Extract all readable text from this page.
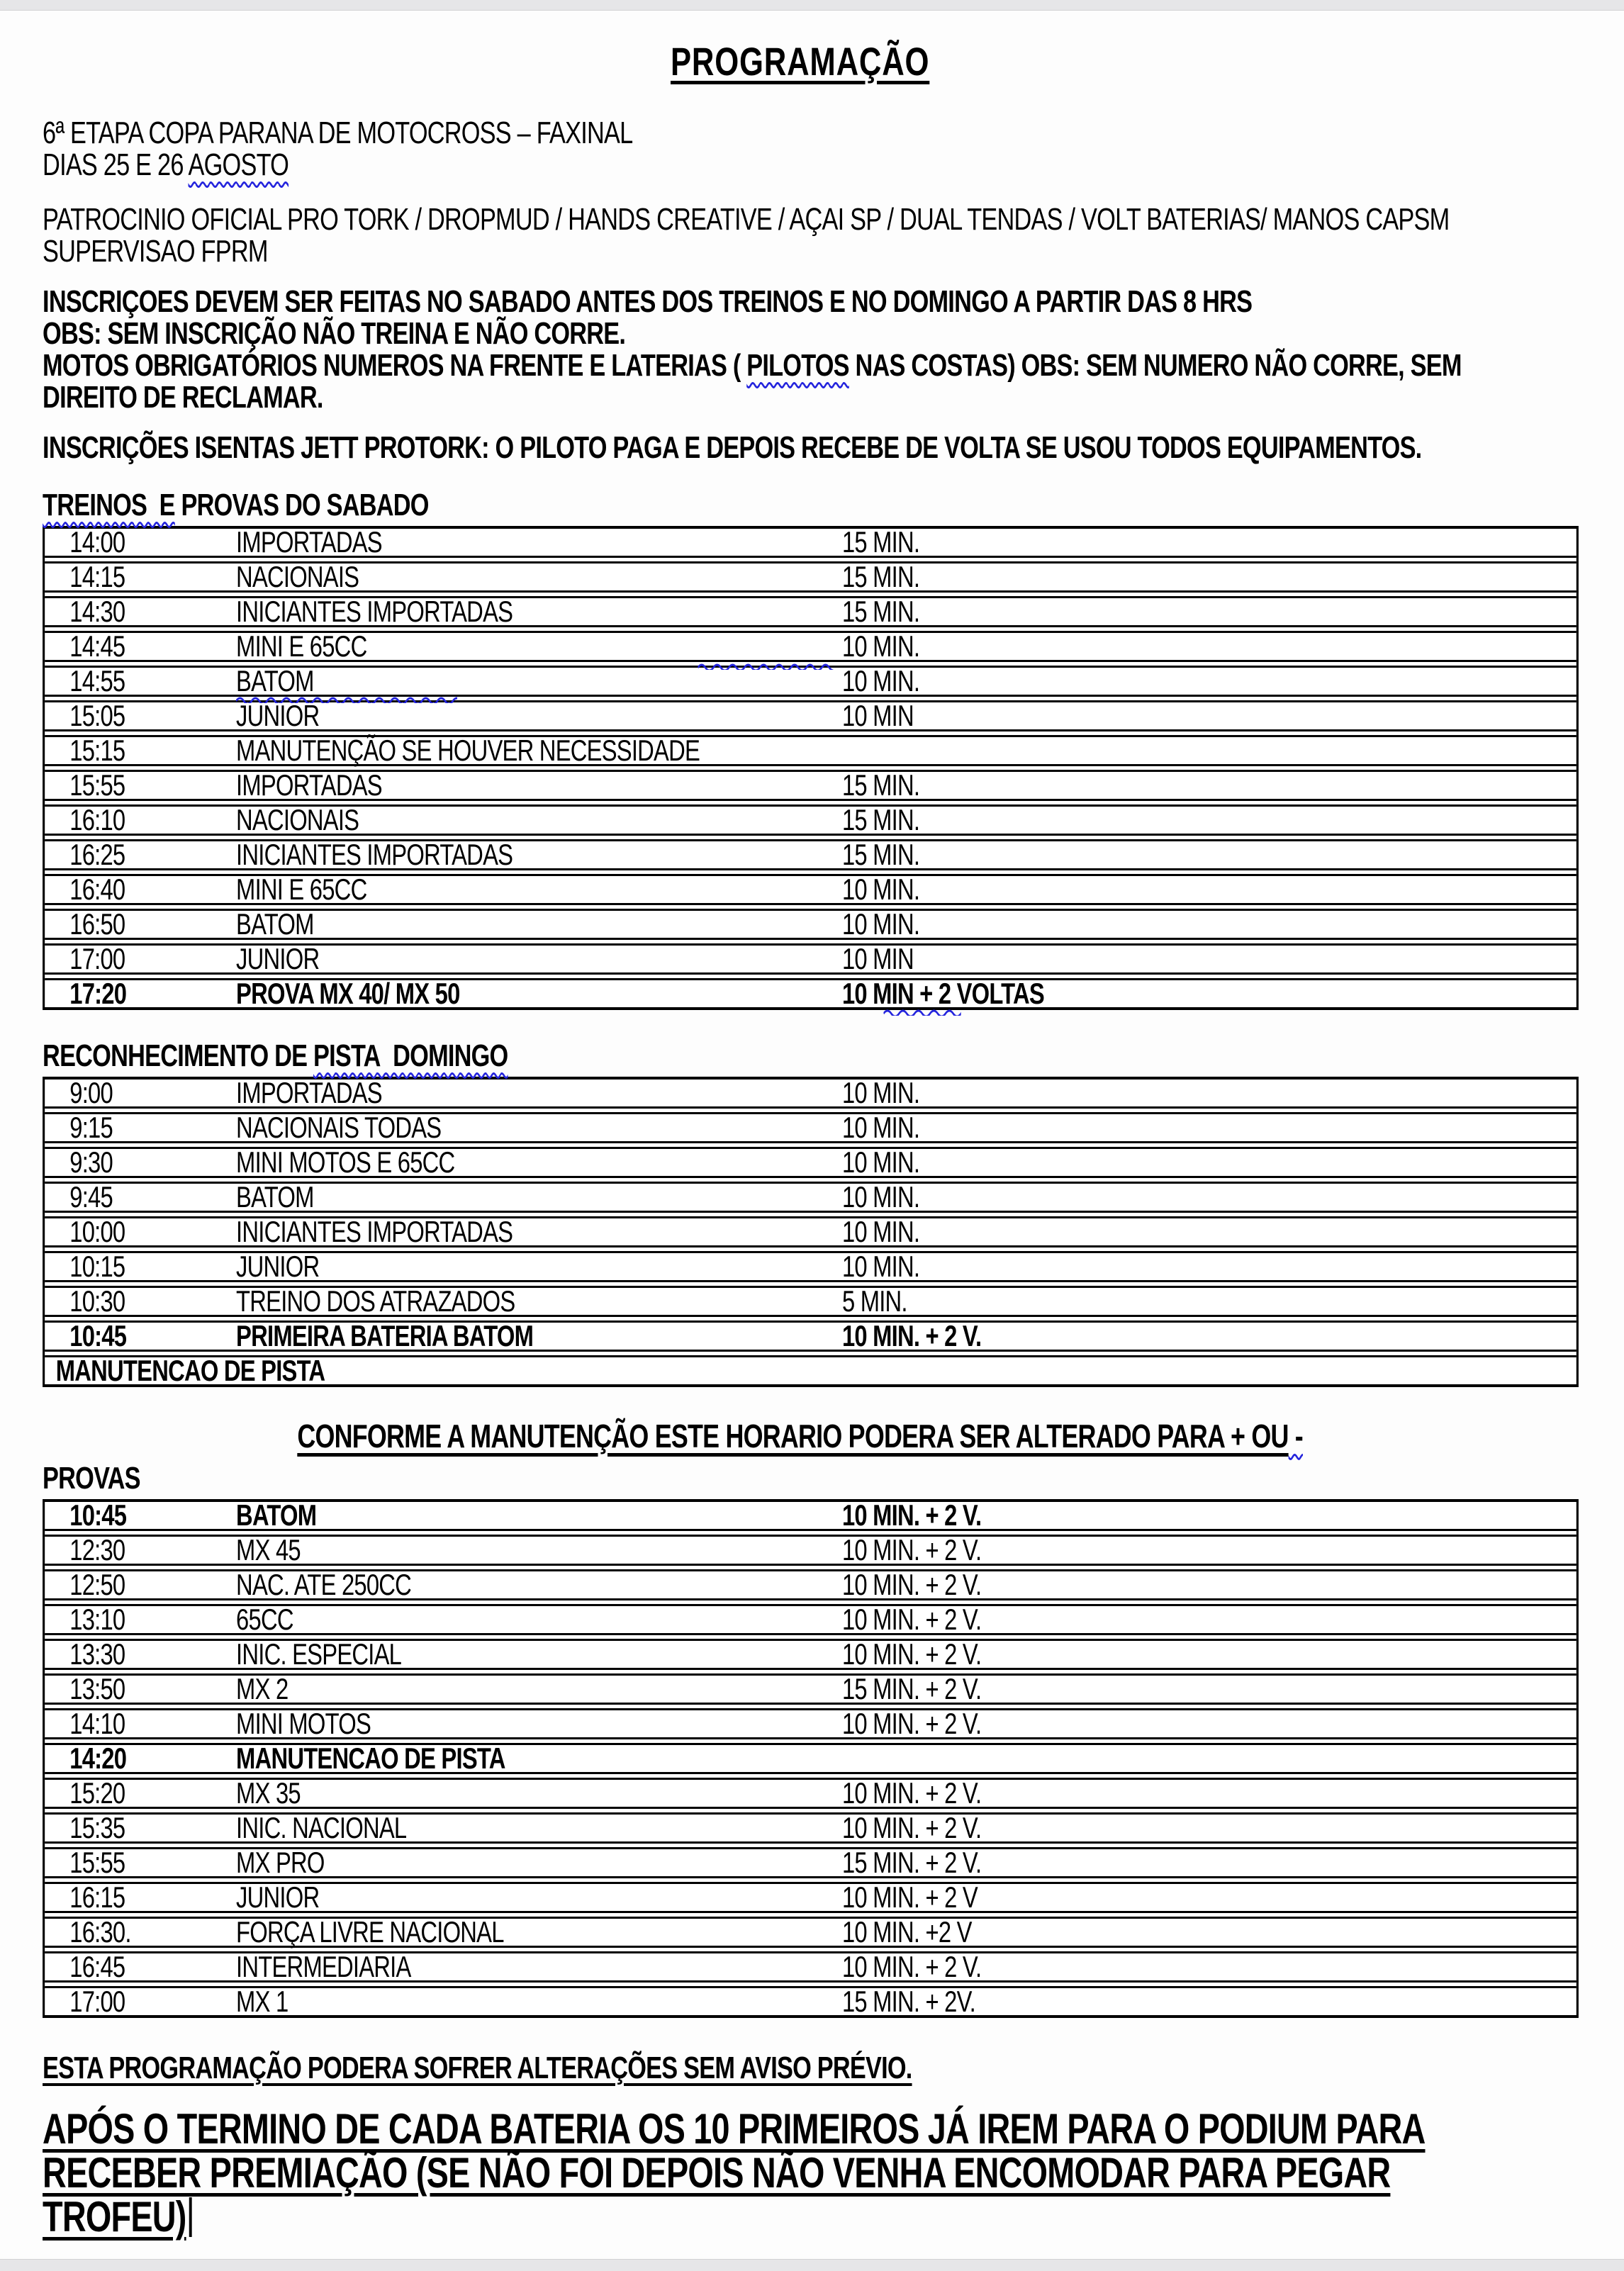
PROGRAMAÇÃO
6ª ETAPA COPA PARANA DE MOTOCROSS – FAXINAL
DIAS 25 E 26 AGOSTO
PATROCINIO OFICIAL PRO TORK / DROPMUD / HANDS CREATIVE / AÇAI SP / DUAL TENDAS / VOLT BATERIAS/ MANOS CAPSM
SUPERVISAO FPRM
INSCRIÇOES DEVEM SER FEITAS NO SABADO ANTES DOS TREINOS E NO DOMINGO A PARTIR DAS 8 HRS
OBS: SEM INSCRIÇÃO NÃO TREINA E NÃO CORRE.
MOTOS OBRIGATÓRIOS NUMEROS NA FRENTE E LATERIAS ( PILOTOS NAS COSTAS) OBS: SEM NUMERO NÃO CORRE, SEM
DIREITO DE RECLAMAR.
INSCRIÇÕES ISENTAS JETT PROTORK: O PILOTO PAGA E DEPOIS RECEBE DE VOLTA SE USOU TODOS EQUIPAMENTOS.
TREINOS  E PROVAS DO SABADO
14:00	IMPORTADAS	15 MIN.
14:15	NACIONAIS	15 MIN.
14:30	INICIANTES IMPORTADAS	15 MIN.
14:45	MINI E 65CC	10 MIN.
14:55	BATOM	10 MIN.
15:05	JUNIOR	10 MIN
15:15	MANUTENÇÃO SE HOUVER NECESSIDADE
15:55	IMPORTADAS	15 MIN.
16:10	NACIONAIS	15 MIN.
16:25	INICIANTES IMPORTADAS	15 MIN.
16:40	MINI E 65CC	10 MIN.
16:50	BATOM	10 MIN.
17:00	JUNIOR	10 MIN
17:20	PROVA MX 40/ MX 50	10 MIN + 2 VOLTAS
RECONHECIMENTO DE PISTA  DOMINGO
9:00	IMPORTADAS	10 MIN.
9:15	NACIONAIS TODAS	10 MIN.
9:30	MINI MOTOS E 65CC	10 MIN.
9:45	BATOM	10 MIN.
10:00	INICIANTES IMPORTADAS	10 MIN.
10:15	JUNIOR	10 MIN.
10:30	TREINO DOS ATRAZADOS	5 MIN.
10:45	PRIMEIRA BATERIA BATOM	10 MIN. + 2 V.
MANUTENCAO DE PISTA
CONFORME A MANUTENÇÃO ESTE HORARIO PODERA SER ALTERADO PARA + OU -
PROVAS
10:45	BATOM	10 MIN. + 2 V.
12:30	MX 45	10 MIN. + 2 V.
12:50	NAC. ATE 250CC	10 MIN. + 2 V.
13:10	65CC	10 MIN. + 2 V.
13:30	INIC. ESPECIAL	10 MIN. + 2 V.
13:50	MX 2	15 MIN. + 2 V.
14:10	MINI MOTOS	10 MIN. + 2 V.
14:20	MANUTENCAO DE PISTA
15:20	MX 35	10 MIN. + 2 V.
15:35	INIC. NACIONAL	10 MIN. + 2 V.
15:55	MX PRO	15 MIN. + 2 V.
16:15	JUNIOR	10 MIN. + 2 V
16:30.	FORÇA LIVRE NACIONAL	10 MIN. +2 V
16:45	INTERMEDIARIA	10 MIN. + 2 V.
17:00	MX 1	15 MIN. + 2V.
ESTA PROGRAMAÇÃO PODERA SOFRER ALTERAÇÕES SEM AVISO PRÉVIO.
APÓS O TERMINO DE CADA BATERIA OS 10 PRIMEIROS JÁ IREM PARA O PODIUM PARA
RECEBER PREMIAÇÃO (SE NÃO FOI DEPOIS NÃO VENHA ENCOMODAR PARA PEGAR
TROFEU)
